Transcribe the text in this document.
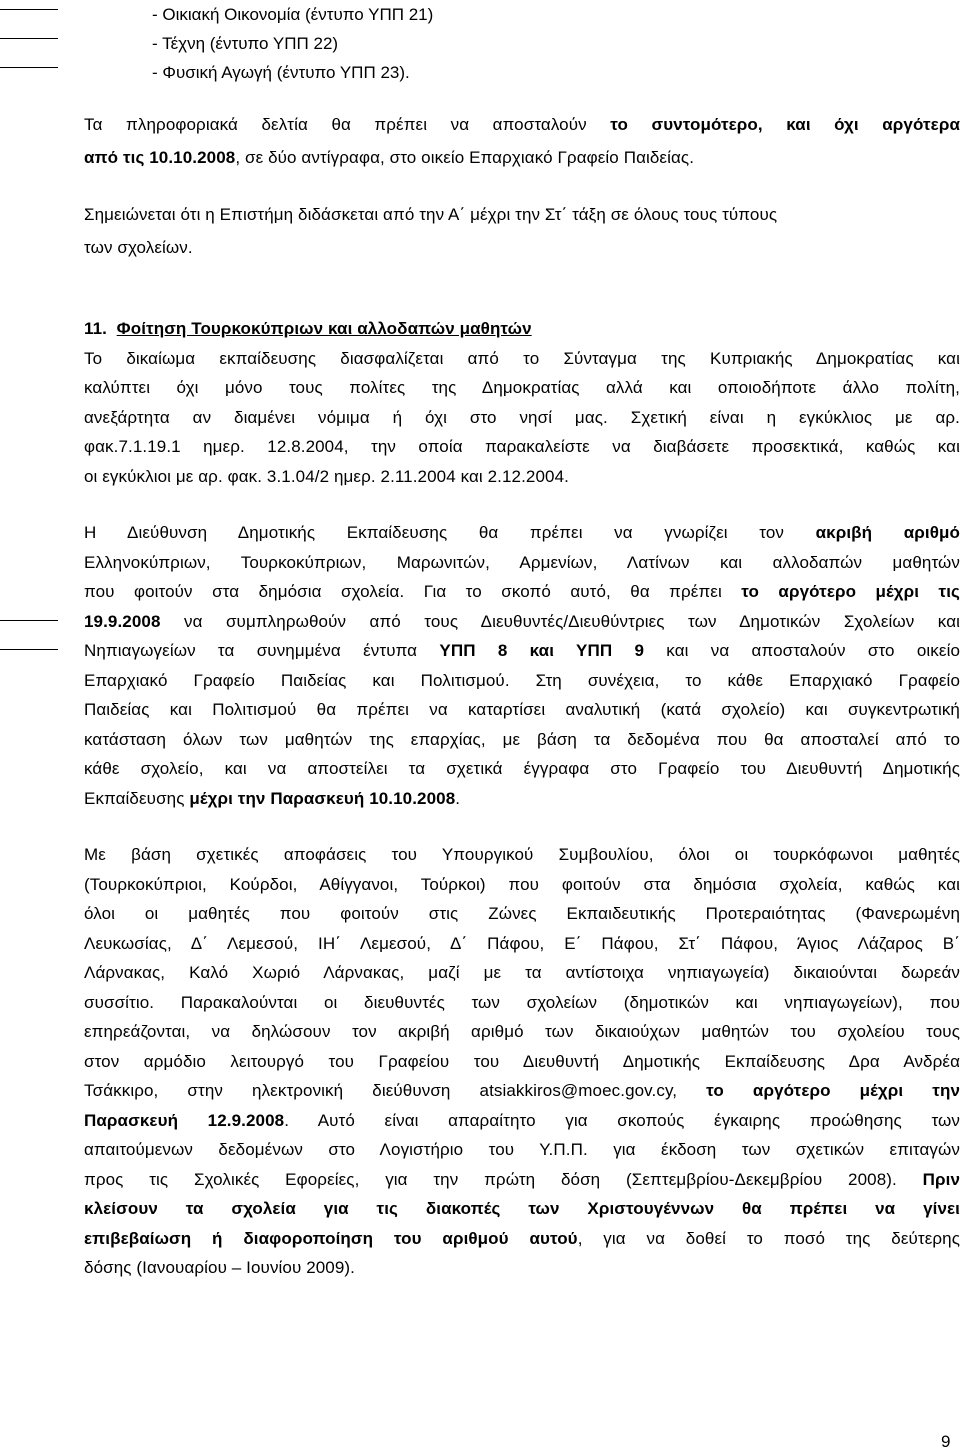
- Οικιακή Οικονομία (έντυπο ΥΠΠ 21)
- Τέχνη (έντυπο ΥΠΠ 22)
- Φυσική Αγωγή (έντυπο ΥΠΠ 23).
Τα πληροφοριακά δελτία θα πρέπει να αποσταλούν το συντομότερο, και όχι αργότερα
από τις 10.10.2008, σε δύο αντίγραφα, στο οικείο Επαρχιακό Γραφείο Παιδείας.
Σημειώνεται ότι η Επιστήμη διδάσκεται από την Α΄ μέχρι την Στ΄ τάξη σε όλους τους τύπους
των σχολείων.
11. Φοίτηση Τουρκοκύπριων και αλλοδαπών μαθητών
Το δικαίωμα εκπαίδευσης διασφαλίζεται από το Σύνταγμα της Κυπριακής Δημοκρατίας και
καλύπτει όχι μόνο τους πολίτες της Δημοκρατίας αλλά και οποιοδήποτε άλλο πολίτη,
ανεξάρτητα αν διαμένει νόμιμα ή όχι στο νησί μας. Σχετική είναι η εγκύκλιος με αρ.
φακ.7.1.19.1 ημερ. 12.8.2004, την οποία παρακαλείστε να διαβάσετε προσεκτικά, καθώς και
οι εγκύκλιοι με αρ. φακ. 3.1.04/2 ημερ. 2.11.2004 και 2.12.2004.
Η Διεύθυνση Δημοτικής Εκπαίδευσης θα πρέπει να γνωρίζει τον ακριβή αριθμό
Ελληνοκύπριων, Τουρκοκύπριων, Μαρωνιτών, Αρμενίων, Λατίνων και αλλοδαπών μαθητών
που φοιτούν στα δημόσια σχολεία. Για το σκοπό αυτό, θα πρέπει το αργότερο μέχρι τις
19.9.2008 να συμπληρωθούν από τους Διευθυντές/Διευθύντριες των Δημοτικών Σχολείων και
Νηπιαγωγείων τα συνημμένα έντυπα ΥΠΠ 8 και ΥΠΠ 9 και να αποσταλούν στο οικείο
Επαρχιακό Γραφείο Παιδείας και Πολιτισμού. Στη συνέχεια, το κάθε Επαρχιακό Γραφείο
Παιδείας και Πολιτισμού θα πρέπει να καταρτίσει αναλυτική (κατά σχολείο) και συγκεντρωτική
κατάσταση όλων των μαθητών της επαρχίας, με βάση τα δεδομένα που θα αποσταλεί από το
κάθε σχολείο, και να αποστείλει τα σχετικά έγγραφα στο Γραφείο του Διευθυντή Δημοτικής
Εκπαίδευσης μέχρι την Παρασκευή 10.10.2008.
Με βάση σχετικές αποφάσεις του Υπουργικού Συμβουλίου, όλοι οι τουρκόφωνοι μαθητές
(Τουρκοκύπριοι, Κούρδοι, Αθίγγανοι, Τούρκοι) που φοιτούν στα δημόσια σχολεία, καθώς και
όλοι οι μαθητές που φοιτούν στις Ζώνες Εκπαιδευτικής Προτεραιότητας (Φανερωμένη
Λευκωσίας, Δ΄ Λεμεσού, ΙΗ΄ Λεμεσού, Δ΄ Πάφου, Ε΄ Πάφου, Στ΄ Πάφου, Άγιος Λάζαρος Β΄
Λάρνακας, Καλό Χωριό Λάρνακας, μαζί με τα αντίστοιχα νηπιαγωγεία) δικαιούνται δωρεάν
συσσίτιο. Παρακαλούνται οι διευθυντές των σχολείων (δημοτικών και νηπιαγωγείων), που
επηρεάζονται, να δηλώσουν τον ακριβή αριθμό των δικαιούχων μαθητών του σχολείου τους
στον αρμόδιο λειτουργό του Γραφείου του Διευθυντή Δημοτικής Εκπαίδευσης Δρα Ανδρέα
Τσάκκιρο, στην ηλεκτρονική διεύθυνση atsiakkiros@moec.gov.cy, το αργότερο μέχρι την
Παρασκευή 12.9.2008. Αυτό είναι απαραίτητο για σκοπούς έγκαιρης προώθησης των
απαιτούμενων δεδομένων στο Λογιστήριο του Υ.Π.Π. για έκδοση των σχετικών επιταγών
προς τις Σχολικές Εφορείες, για την πρώτη δόση (Σεπτεμβρίου-Δεκεμβρίου 2008). Πριν
κλείσουν τα σχολεία για τις διακοπές των Χριστουγέννων θα πρέπει να γίνει
επιβεβαίωση ή διαφοροποίηση του αριθμού αυτού, για να δοθεί το ποσό της δεύτερης
δόσης (Ιανουαρίου – Ιουνίου 2009).
9
